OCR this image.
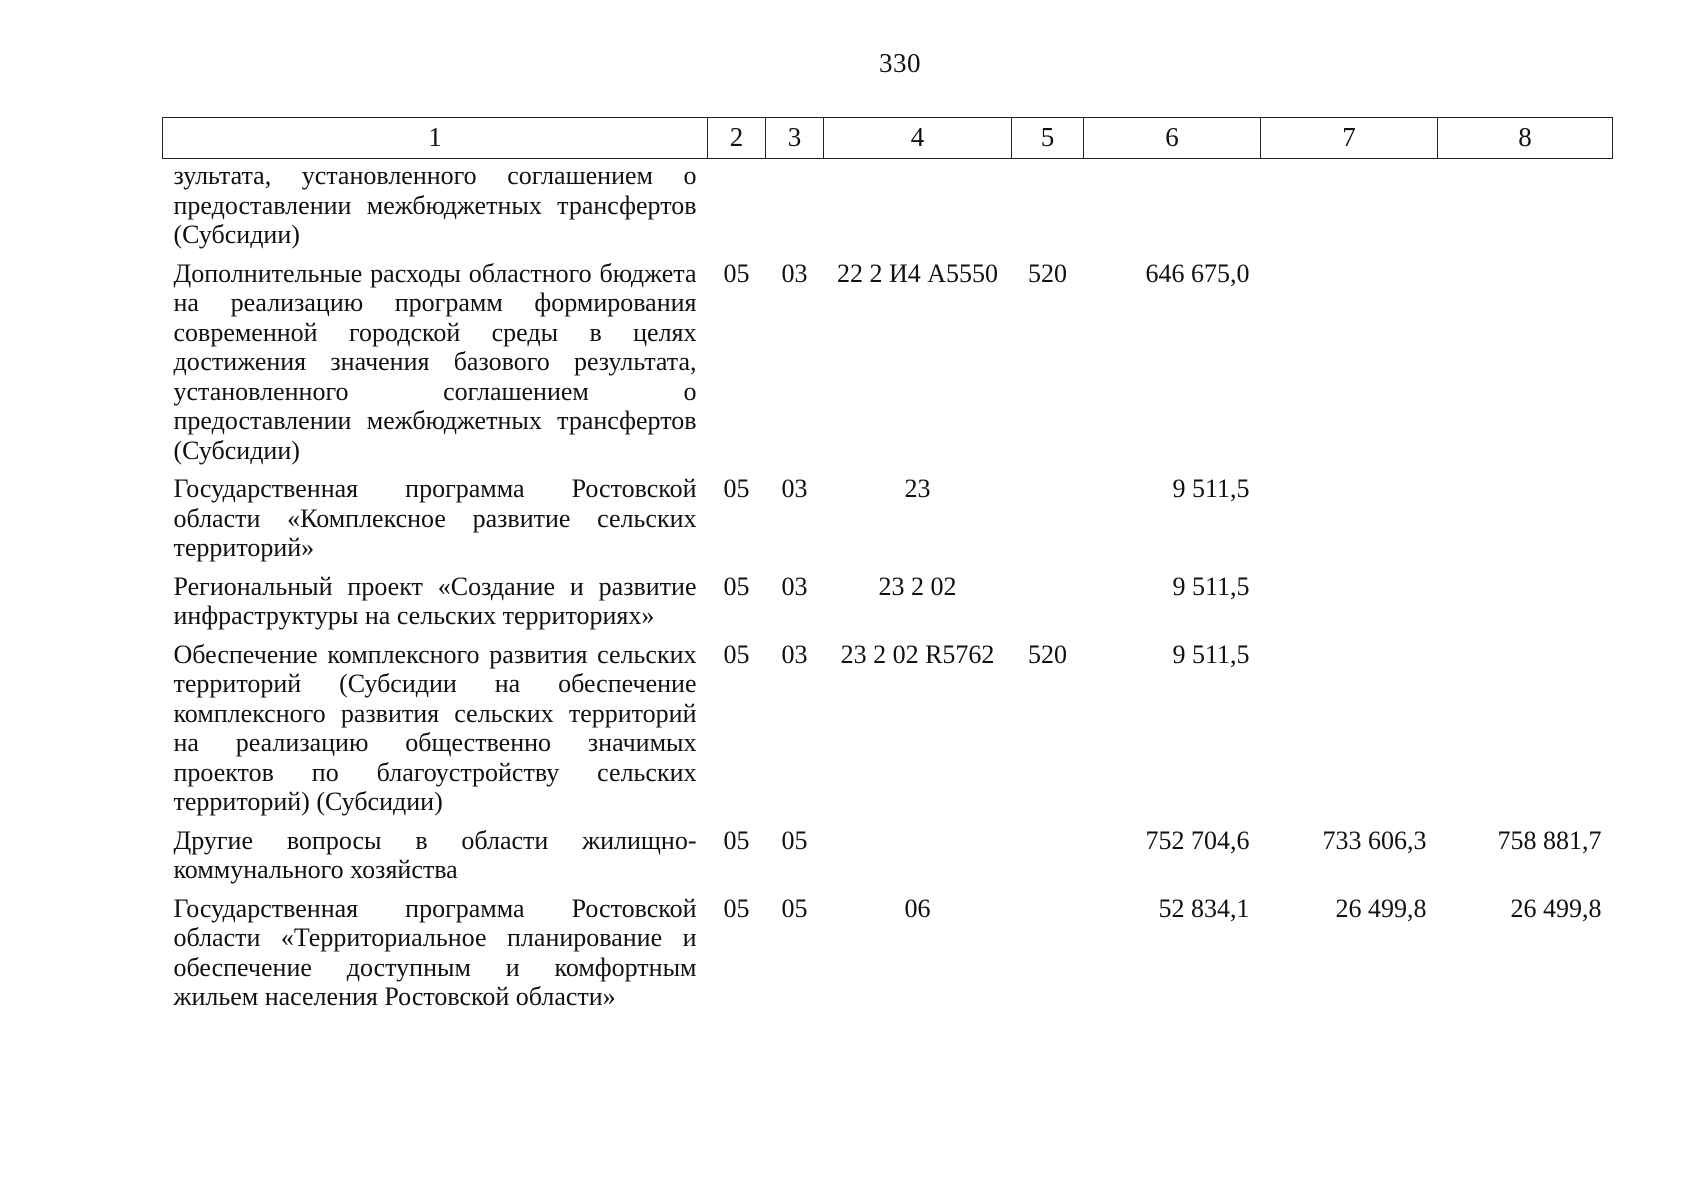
330
1	2	3	4	5	6	7	8

зультата, установленного соглашением о предоставлении межбюджетных трансфертов (Субсидии)							

Дополнительные расходы областного бюджета на реализацию программ формирования современной городской среды в целях достижения значения базового результата, установленного соглашением о предоставлении межбюджетных трансфертов (Субсидии)	05	03	22 2 И4 А5550	520	646 675,0		

Государственная программа Ростовской области «Комплексное развитие сельских территорий»	05	03	23		9 511,5		

Региональный проект «Создание и развитие инфраструктуры на сельских территориях»	05	03	23 2 02		9 511,5		

Обеспечение комплексного развития сельских территорий (Субсидии на обеспечение комплексного развития сельских территорий на реализацию общественно значимых проектов по благоустройству сельских территорий) (Субсидии)	05	03	23 2 02 R5762	520	9 511,5		

Другие вопросы в области жилищно-коммунального хозяйства	05	05			752 704,6	733 606,3	758 881,7

Государственная программа Ростовской области «Территориальное планирование и обеспечение доступным и комфортным жильем населения Ростовской области»	05	05	06		52 834,1	26 499,8	26 499,8
